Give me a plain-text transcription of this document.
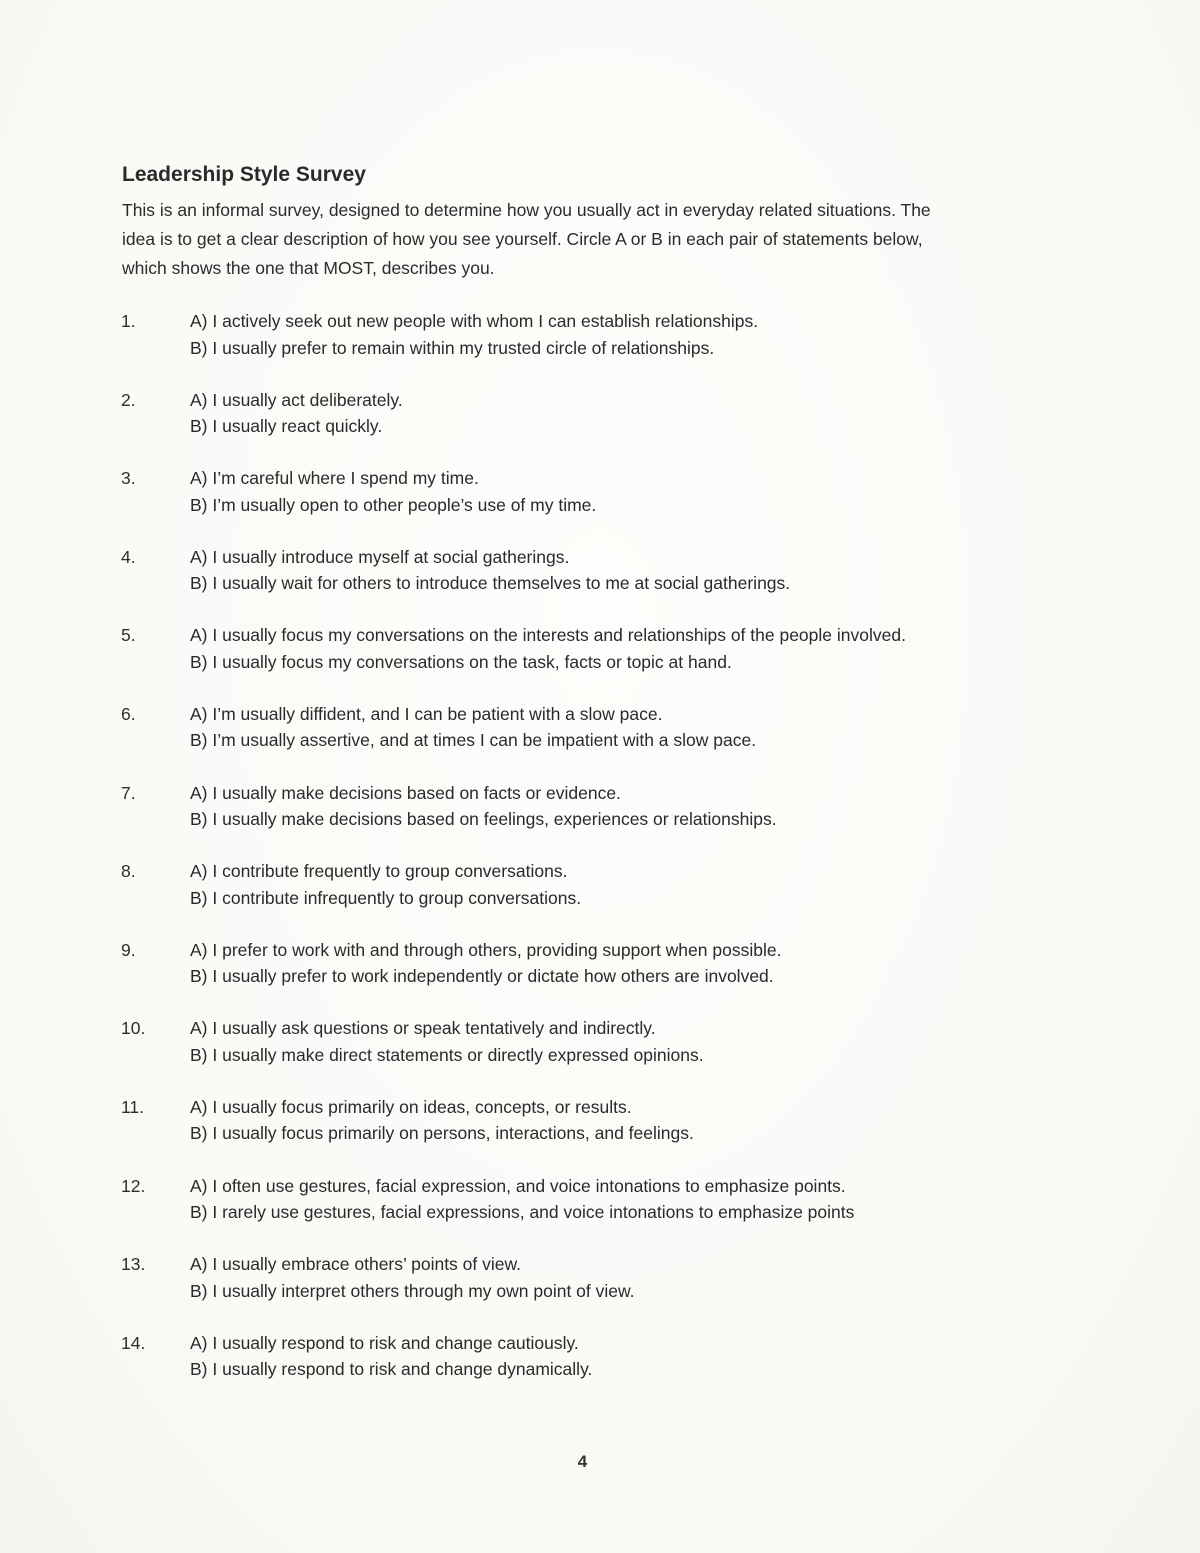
Leadership Style Survey

This is an informal survey, designed to determine how you usually act in everyday related situations. The
idea is to get a clear description of how you see yourself. Circle A or B in each pair of statements below,
which shows the one that MOST, describes you.

1.	A) I actively seek out new people with whom I can establish relationships.
B) I usually prefer to remain within my trusted circle of relationships.
2.	A) I usually act deliberately.
B) I usually react quickly.
3.	A) I’m careful where I spend my time.
B) I’m usually open to other people’s use of my time.
4.	A) I usually introduce myself at social gatherings.
B) I usually wait for others to introduce themselves to me at social gatherings.
5.	A) I usually focus my conversations on the interests and relationships of the people involved.
B) I usually focus my conversations on the task, facts or topic at hand.
6.	A) I’m usually diffident, and I can be patient with a slow pace.
B) I’m usually assertive, and at times I can be impatient with a slow pace.
7.	A) I usually make decisions based on facts or evidence.
B) I usually make decisions based on feelings, experiences or relationships.
8.	A) I contribute frequently to group conversations.
B) I contribute infrequently to group conversations.
9.	A) I prefer to work with and through others, providing support when possible.
B) I usually prefer to work independently or dictate how others are involved.
10.	A) I usually ask questions or speak tentatively and indirectly.
B) I usually make direct statements or directly expressed opinions.
11.	A) I usually focus primarily on ideas, concepts, or results.
B) I usually focus primarily on persons, interactions, and feelings.
12.	A) I often use gestures, facial expression, and voice intonations to emphasize points.
B) I rarely use gestures, facial expressions, and voice intonations to emphasize points
13.	A) I usually embrace others’ points of view.
B) I usually interpret others through my own point of view.
14.	A) I usually respond to risk and change cautiously.
B) I usually respond to risk and change dynamically.
4
